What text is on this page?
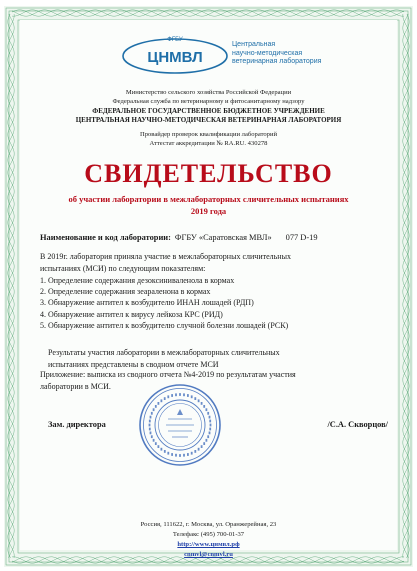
ФГБУ
ЦНМВЛ
Центральная
научно-методическая
ветеринарная лаборатория
Министерство сельского хозяйства Российской Федерации
Федеральная служба по ветеринарному и фитосанитарному надзору
ФЕДЕРАЛЬНОЕ ГОСУДАРСТВЕННОЕ БЮДЖЕТНОЕ УЧРЕЖДЕНИЕ
ЦЕНТРАЛЬНАЯ НАУЧНО-МЕТОДИЧЕСКАЯ ВЕТЕРИНАРНАЯ ЛАБОРАТОРИЯ
Провайдер проверок квалификации лабораторий
Аттестат аккредитации № RA.RU. 430278
СВИДЕТЕЛЬСТВО
об участии лаборатории в межлабораторных сличительных испытаниях
2019 года
Наименование и код лаборатории: ФГБУ «Саратовская МВЛ» 077 D-19
В 2019г. лаборатория приняла участие в межлабораторных сличительных
испытаниях (МСИ) по следующим показателям:
1. Определение содержания дезоксиниваленола в кормах
2. Определение содержания зеараленона в кормах
3. Обнаружение антител к возбудителю ИНАН лошадей (РДП)
4. Обнаружение антител к вирусу лейкоза КРС (РИД)
5. Обнаружение антител к возбудителю случной болезни лошадей (РСК)
Результаты участия лаборатории в межлабораторных сличительных
испытаниях представлены в сводном отчете МСИ
Приложение: выписка из сводного отчета №4-2019 по результатам участия
лаборатории в МСИ.
Зам. директора	/С.А. Скворцов/
Россия, 111622, г. Москва, ул. Оранжерейная, 23
Телефакс (495) 700-01-37
http://www.цнмвл.рф
cnmvl@cnmvl.ru
